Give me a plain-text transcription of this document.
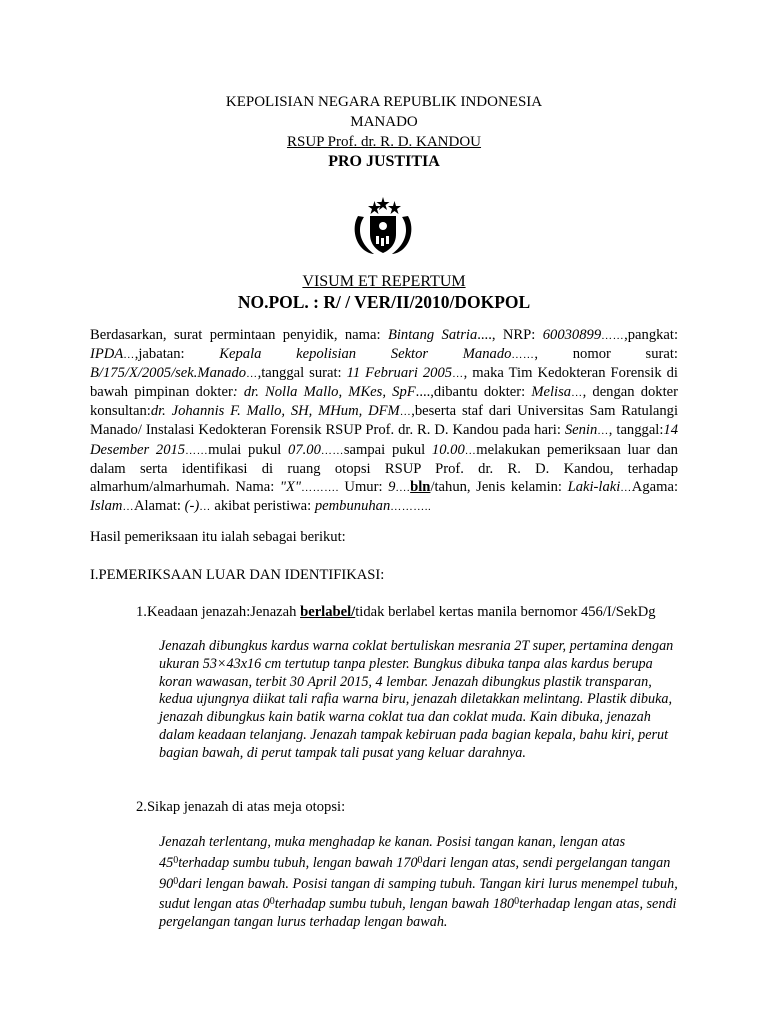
KEPOLISIAN NEGARA REPUBLIK INDONESIA
MANADO
RSUP Prof. dr. R. D. KANDOU
PRO JUSTITIA
VISUM ET REPERTUM
NO.POL. : R/ / VER/II/2010/DOKPOL
Berdasarkan, surat permintaan penyidik, nama: Bintang Satria...., NRP: 60030899……,pangkat: IPDA…,jabatan: Kepala kepolisian Sektor Manado……, nomor surat: B/175/X/2005/sek.Manado…,tanggal surat: 11 Februari 2005…, maka Tim Kedokteran Forensik di bawah pimpinan dokter: dr. Nolla Mallo, MKes, SpF....,dibantu dokter: Melisa…, dengan dokter konsultan:dr. Johannis F. Mallo, SH, MHum, DFM…,beserta staf dari Universitas Sam Ratulangi Manado/ Instalasi Kedokteran Forensik RSUP Prof. dr. R. D. Kandou pada hari: Senin…, tanggal:14 Desember 2015……mulai pukul 07.00……sampai pukul 10.00…melakukan pemeriksaan luar dan dalam serta identifikasi di ruang otopsi RSUP Prof. dr. R. D. Kandou, terhadap almarhum/almarhumah. Nama: "X"………. Umur: 9….bln/tahun, Jenis kelamin: Laki-laki…Agama: Islam…Alamat: (-)… akibat peristiwa: pembunuhan………..
Hasil pemeriksaan itu ialah sebagai berikut:
I.PEMERIKSAAN LUAR DAN IDENTIFIKASI:
1.Keadaan jenazah:Jenazah berlabel/tidak berlabel kertas manila bernomor 456/I/SekDg
Jenazah dibungkus kardus warna coklat bertuliskan mesrania 2T super, pertamina dengan ukuran 53×43x16 cm tertutup tanpa plester. Bungkus dibuka tanpa alas kardus berupa koran wawasan, terbit 30 April 2015, 4 lembar. Jenazah dibungkus plastik transparan, kedua ujungnya diikat tali rafia warna biru, jenazah diletakkan melintang. Plastik dibuka, jenazah dibungkus kain batik warna coklat tua dan coklat muda. Kain dibuka, jenazah dalam keadaan telanjang. Jenazah tampak kebiruan pada bagian kepala, bahu kiri, perut bagian bawah, di perut tampak tali pusat yang keluar darahnya.
2.Sikap jenazah di atas meja otopsi:
Jenazah terlentang, muka menghadap ke kanan. Posisi tangan kanan, lengan atas $45^0terhadap$ sumbu tubuh, lengan bawah $170^0dari$ lengan atas, sendi pergelangan tangan $90^0dari$ lengan bawah. Posisi tangan di samping tubuh. Tangan kiri lurus menempel tubuh, sudut lengan atas $0^0terhadap$ sumbu tubuh, lengan bawah $180^0terhadap$ lengan atas, sendi pergelangan tangan lurus terhadap lengan bawah.
